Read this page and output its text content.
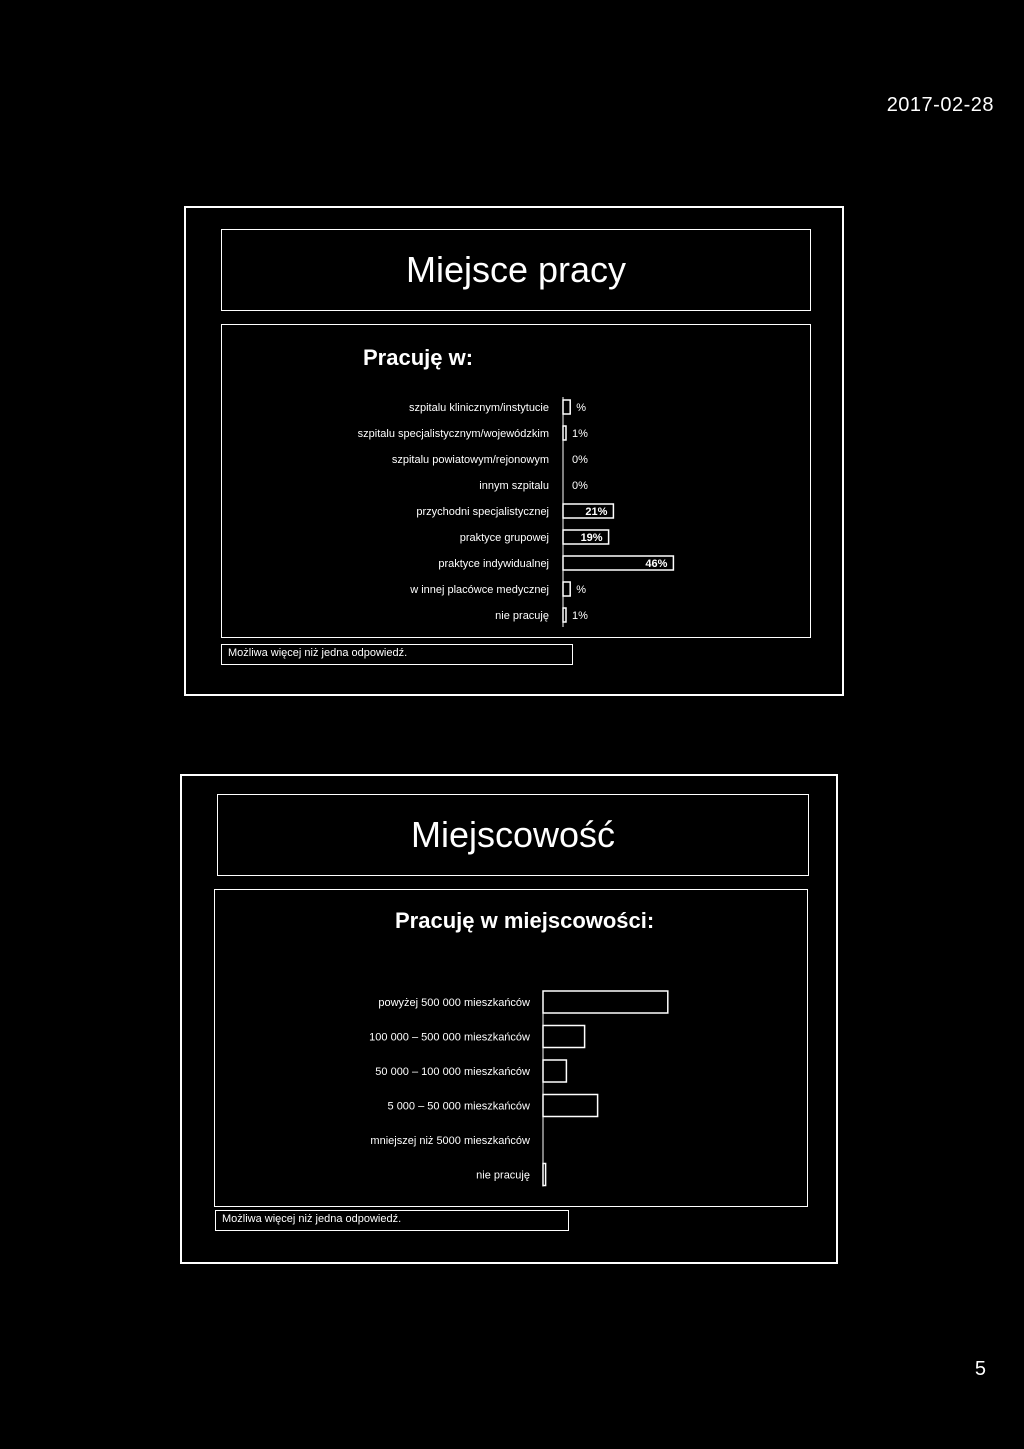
2017-02-28
Miejsce pracy
Pracuję w:
szpitalu klinicznym/instytucie %
szpitalu specjalistycznym/wojewódzkim 1%
szpitalu powiatowym/rejonowym 0%
innym szpitalu 0%
przychodni specjalistycznej	21%
praktyce grupowej	19%
praktyce indywidualnej	46%
w innej placówce medycznej %
nie pracuję 1%
Możliwa więcej niż jedna odpowiedź.
Miejscowość
Pracuję w miejscowości:
powyżej 500 000 mieszkańców
100 000 – 500 000 mieszkańców
50 000 – 100 000 mieszkańców
5 000 – 50 000 mieszkańców
mniejszej niż 5000 mieszkańców
nie pracuję
Możliwa więcej niż jedna odpowiedź.
5
